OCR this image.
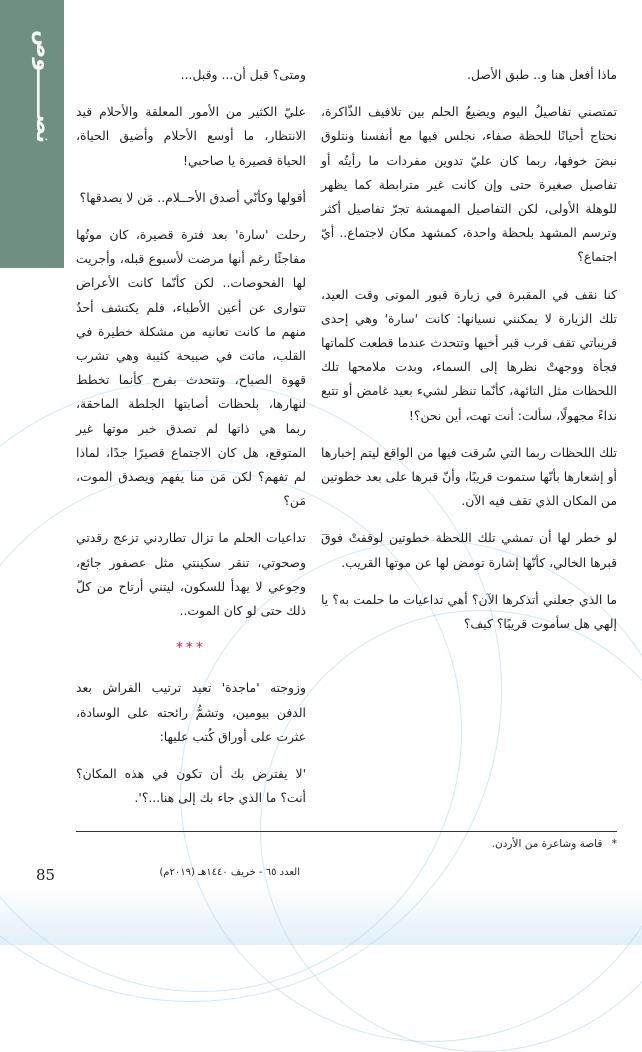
نصــــــوص	ماذا أفعل هنا و.. طبق الأصل.

تمتصني تفاصيلُ اليوم ويضيعُ الحلم بين تلافيف الذّاكرة، نحتاج أحيانًا للحظة صفاء، نجلس فيها مع أنفسنا ونتلوق نبضَ خوفها، ربما كان عليّ تدوين مفردات ما رأيتُه أو تفاصيل صغيرة حتى وإن كانت غير مترابطة كما يظهر للوهلة الأولى، لكن التفاصيل المهمشة تجرّ تفاصيل أكثر وترسم المشهد بلحظة واحدة، كمشهد مكان لاجتماع.. أيّ اجتماع؟

كنا نقف في المقبرة في زيارة قبور الموتى وقت العيد، تلك الزيارة لا يمكنني نسيانها: كانت 'سارة' وهي إحدى قريباتي تقف قرب قبر أخيها وتتحدث عندما قطعت كلماتها فجأة ووجهتْ نظرها إلى السماء، وبدت ملامحها تلك اللحظات مثل التائهة، كأنّما تنظر لشيء بعيد غامض أو تتبع نداءً مجهولًا، سألت: أنت تهت، أين نحن؟!

تلك اللحظات ربما التي سُرقت فيها من الواقع ليتم إخبارها أو إشعارها بأنّها ستموت قريبًا، وأنّ قبرها على بعد خطوتين من المكان الذي تقف فيه الآن.

لو خطر لها أن تمشي تلك اللحظة خطوتين لوقفتْ فوقَ قبرها الخالي، كأنّها إشارة تومض لها عن موتها القريب.

ما الذي جعلني أتذكرها الآن؟ أهي تداعيات ما حلمت به؟ يا إلهي هل سأموت قريبًا؟ كيف؟

ومتى؟ قبل أن... وقبل...

عليّ الكثير من الأمور المعلقة والأحلام قيد الانتظار، ما أوسع الأحلام وأضيق الحياة، الحياة قصيرة يا صاحبي!

أقولها وكأنّي أصدق الأحــلام.. مَن لا يصدقها؟

رحلت 'سارة' بعد فترة قصيرة، كان موتُها مفاجئًا رغم أنها مرضت لأسبوع قبله، وأجريت لها الفحوصات.. لكن كأنّما كانت الأعراض تتوارى عن أعين الأطباء، فلم يكتشف أحدٌ منهم ما كانت تعانيه من مشكلة خطيرة في القلب، ماتت في صبيحة كئيبة وهي تشرب قهوة الصباح، وتتحدث بفرح كأنما تخطط لنهارها، بلحظات أصابتها الجلطة الماحقة، ربما هي ذاتها لم تصدق خبر موتها غير المتوقع، هل كان الاجتماع قصيرًا جدًا، لماذا لم تفهم؟ لكن مَن منا يفهم ويصدق الموت، مَن؟

تداعيات الحلم ما تزال تطاردني تزعج رقدتي وصحوتي، تنقر سكينتي مثل عصفور جائع، وجوعي لا يهدأ للسكون، ليتني أرتاح من كلّ ذلك حتى لو كان الموت..

***

وزوجته 'ماجدة' تعيد ترتيب الفراش بعد الدفن بيومين، وتشمُّ رائحته على الوسادة، عثرت على أوراق كُتب عليها:

'لا يفترض بك أن تكون في هذه المكان؟ أنت؟ ما الذي جاء بك إلى هنا...؟'.

* قاصة وشاعرة من الأردن.
85	العدد ٦٥ - خريف ١٤٤٠هـ (٢٠١٩م)
